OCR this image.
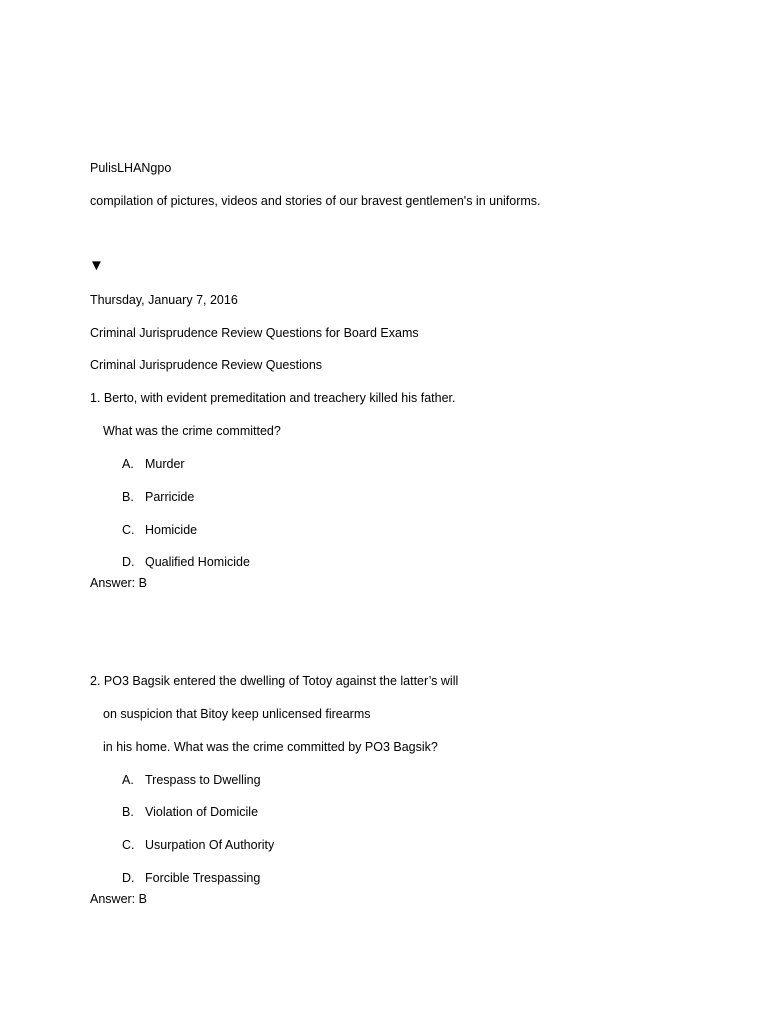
PulisLHANgpo
compilation of pictures, videos and stories of our bravest gentlemen's in uniforms.
▼
Thursday, January 7, 2016
Criminal Jurisprudence Review Questions for Board Exams
Criminal Jurisprudence Review Questions
1. Berto, with evident premeditation and treachery killed his father.
What was the crime committed?
A. Murder
B. Parricide
C. Homicide
D. Qualified Homicide
Answer: B
2. PO3 Bagsik entered the dwelling of Totoy against the latter’s will
on suspicion that Bitoy keep unlicensed firearms
in his home. What was the crime committed by PO3 Bagsik?
A. Trespass to Dwelling
B. Violation of Domicile
C. Usurpation Of Authority
D. Forcible Trespassing
Answer: B
